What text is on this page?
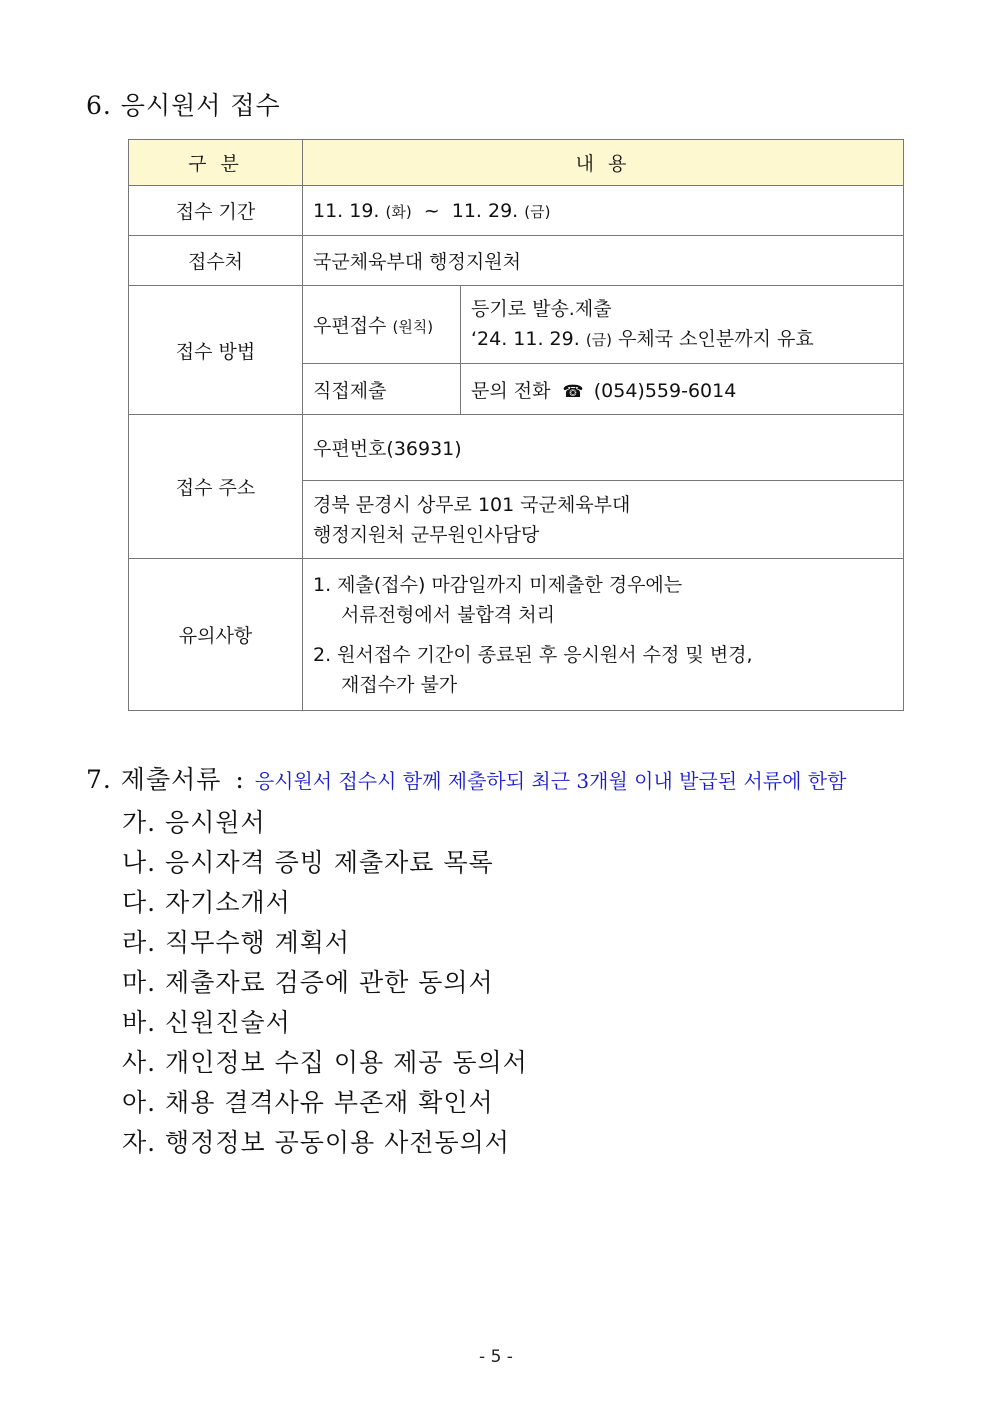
6. 응시원서 접수
구 분	내 용	
접수 기간	11. 19. (화) ~ 11. 29. (금)	
접수처	국군체육부대 행정지원처	
접수 방법	우편접수 (원칙)	등기로 발송.제출
‘24. 11. 29. (금) 우체국 소인분까지 유효

	직접제출	문의 전화 ☎ (054)559-6014
접수 주소	우편번호(36931)	

	경북 문경시 상무로 101 국군체육부대
행정지원처 군무원인사담당	

유의사항	1. 제출(접수) 마감일까지 미제출한 경우에는
서류전형에서 불합격 처리
2. 원서접수 기간이 종료된 후 응시원서 수정 및 변경,
재접수가 불가	
7. 제출서류 : 응시원서 접수시 함께 제출하되 최근 3개월 이내 발급된 서류에 한함
가. 응시원서
나. 응시자격 증빙 제출자료 목록
다. 자기소개서
라. 직무수행 계획서
마. 제출자료 검증에 관한 동의서
바. 신원진술서
사. 개인정보 수집 이용 제공 동의서
아. 채용 결격사유 부존재 확인서
자. 행정정보 공동이용 사전동의서
- 5 -
